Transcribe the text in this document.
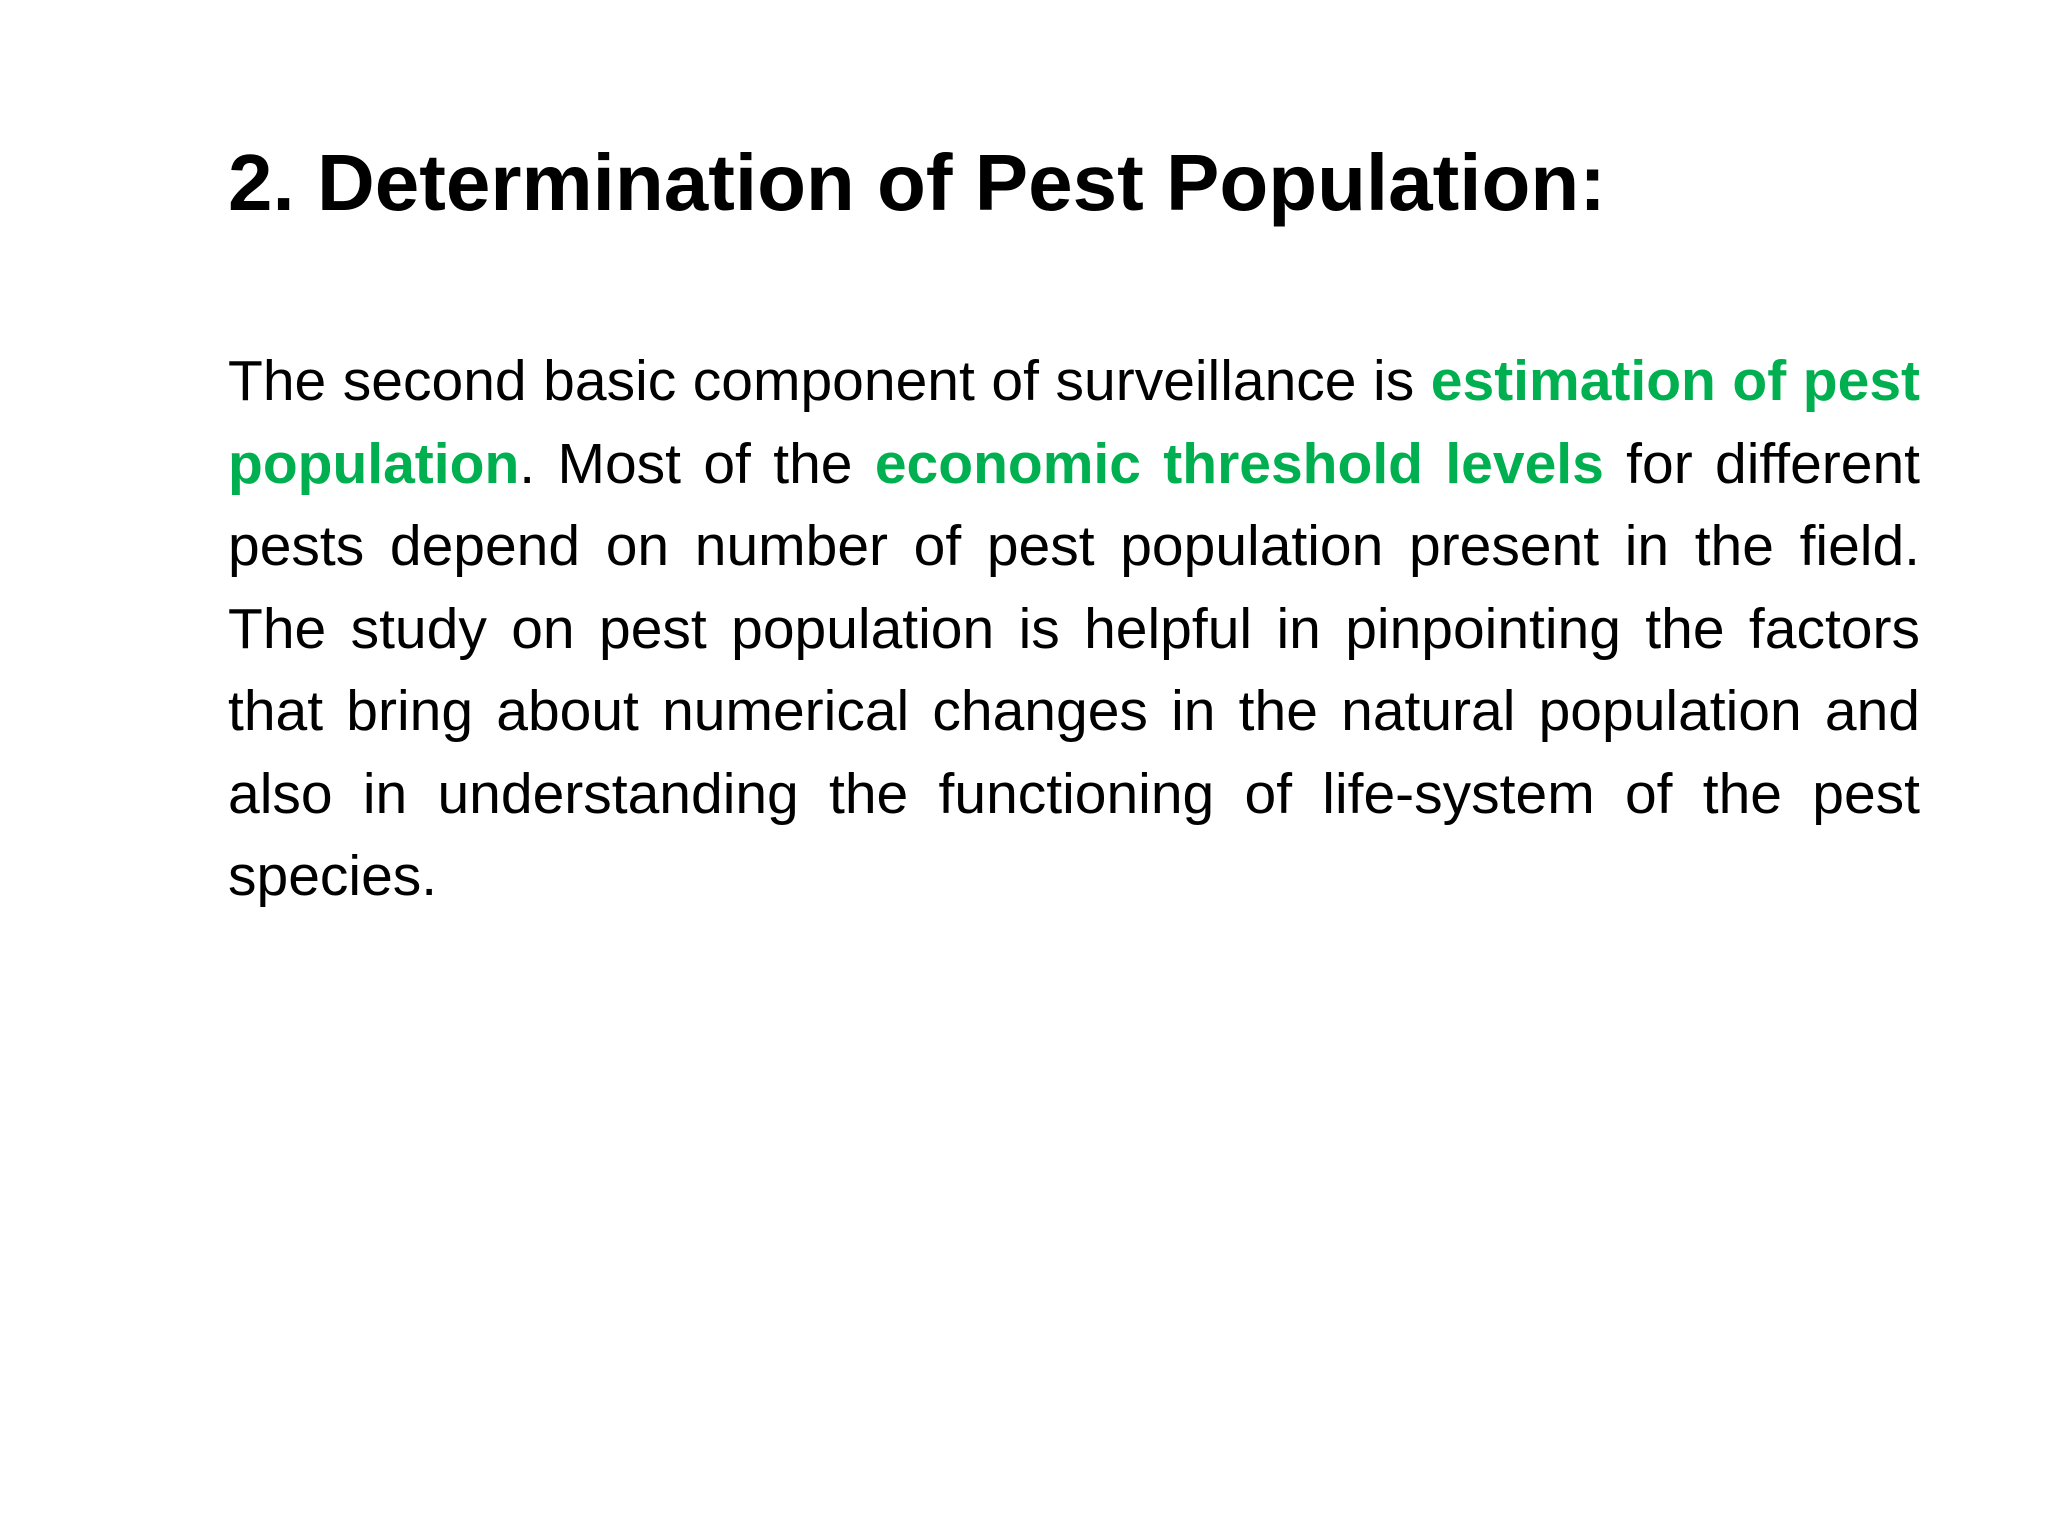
2. Determination of Pest Population:

The second basic component of surveillance is estimation of pest population. Most of the economic threshold levels for different pests depend on number of pest population present in the field. The study on pest population is helpful in pinpointing the factors that bring about numerical changes in the natural population and also in understanding the functioning of life-system of the pest species.
